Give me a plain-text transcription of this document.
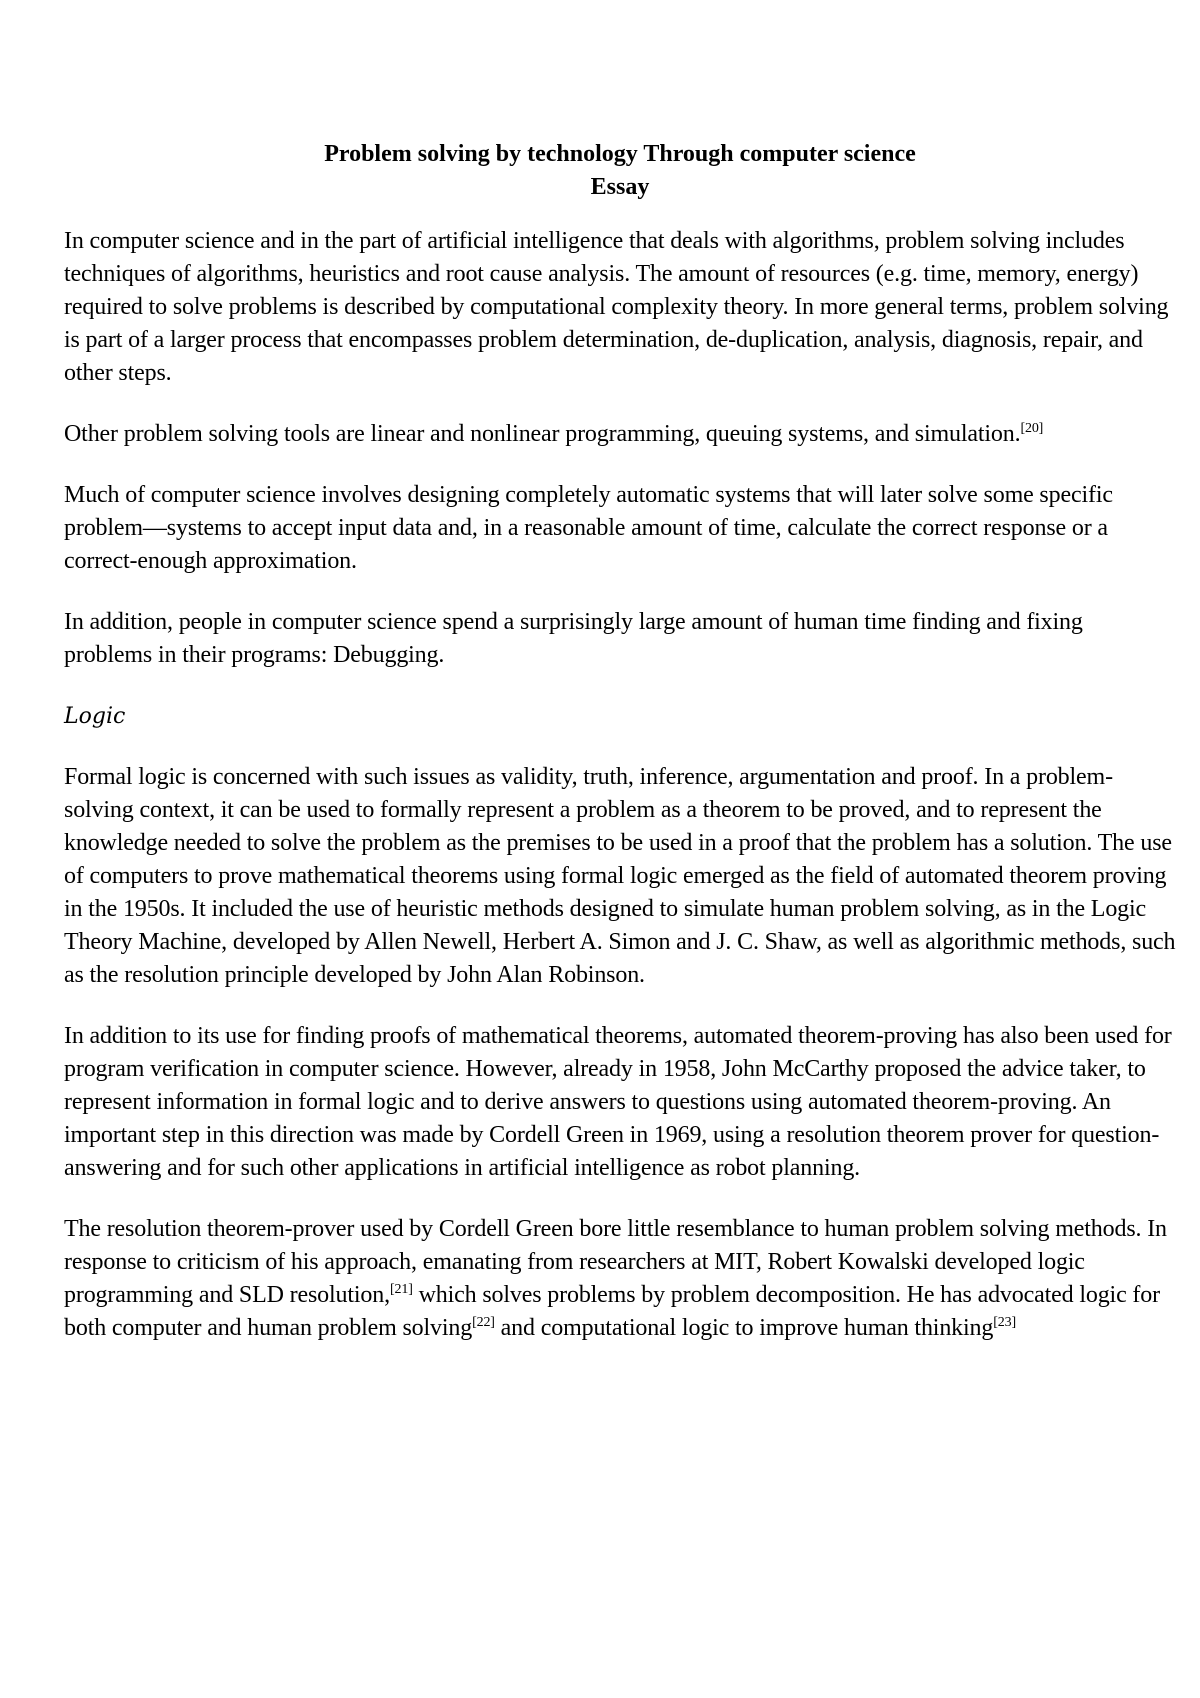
Problem solving by technology Through computer science
Essay

In computer science and in the part of artificial intelligence that deals with algorithms, problem solving includes techniques of algorithms, heuristics and root cause analysis. The amount of resources (e.g. time, memory, energy) required to solve problems is described by computational complexity theory. In more general terms, problem solving is part of a larger process that encompasses problem determination, de-duplication, analysis, diagnosis, repair, and other steps.

Other problem solving tools are linear and nonlinear programming, queuing systems, and simulation.[20]

Much of computer science involves designing completely automatic systems that will later solve some specific problem—systems to accept input data and, in a reasonable amount of time, calculate the correct response or a correct-enough approximation.

In addition, people in computer science spend a surprisingly large amount of human time finding and fixing problems in their programs: Debugging.

Logic

Formal logic is concerned with such issues as validity, truth, inference, argumentation and proof. In a problem-solving context, it can be used to formally represent a problem as a theorem to be proved, and to represent the knowledge needed to solve the problem as the premises to be used in a proof that the problem has a solution. The use of computers to prove mathematical theorems using formal logic emerged as the field of automated theorem proving in the 1950s. It included the use of heuristic methods designed to simulate human problem solving, as in the Logic Theory Machine, developed by Allen Newell, Herbert A. Simon and J. C. Shaw, as well as algorithmic methods, such as the resolution principle developed by John Alan Robinson.

In addition to its use for finding proofs of mathematical theorems, automated theorem-proving has also been used for program verification in computer science. However, already in 1958, John McCarthy proposed the advice taker, to represent information in formal logic and to derive answers to questions using automated theorem-proving. An important step in this direction was made by Cordell Green in 1969, using a resolution theorem prover for question-answering and for such other applications in artificial intelligence as robot planning.

The resolution theorem-prover used by Cordell Green bore little resemblance to human problem solving methods. In response to criticism of his approach, emanating from researchers at MIT, Robert Kowalski developed logic programming and SLD resolution,[21] which solves problems by problem decomposition. He has advocated logic for both computer and human problem solving[22] and computational logic to improve human thinking[23]
